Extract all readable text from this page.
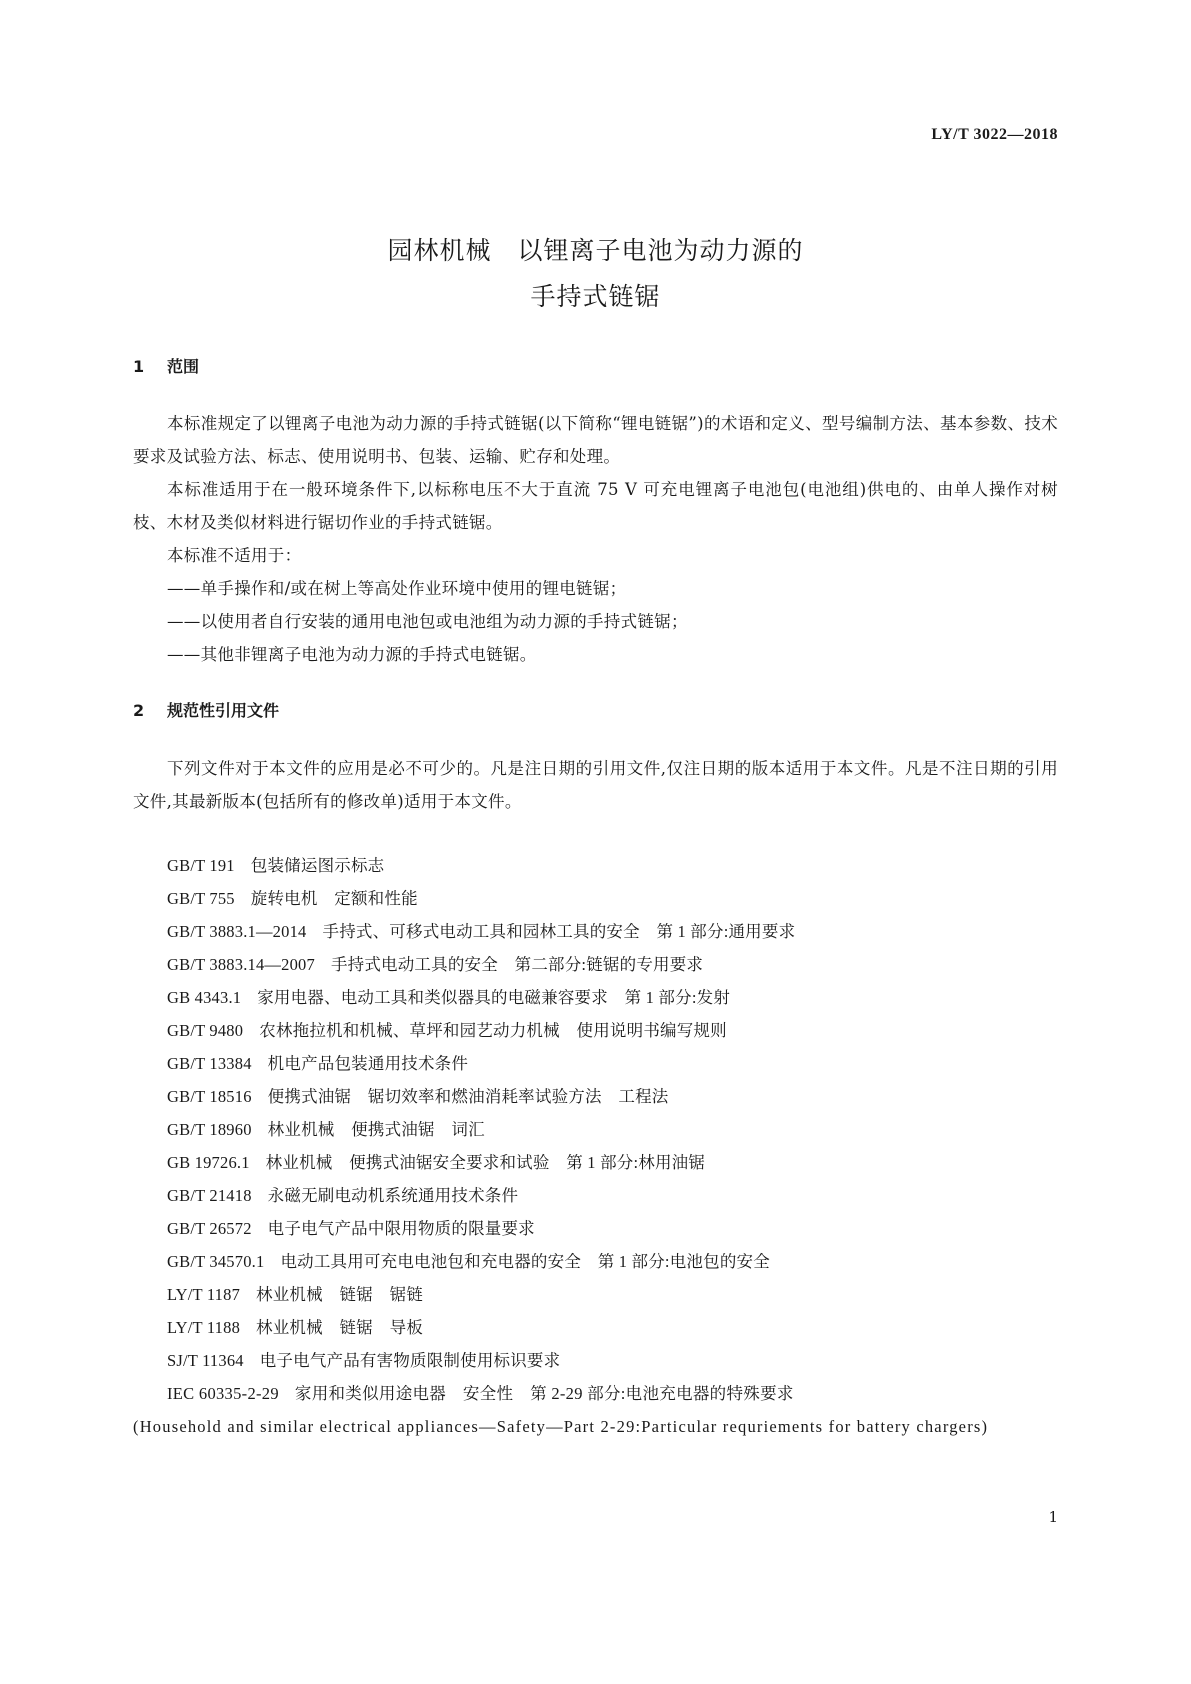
LY/T 3022—2018
园林机械　以锂离子电池为动力源的
手持式链锯
1 范围
本标准规定了以锂离子电池为动力源的手持式链锯(以下简称“锂电链锯”)的术语和定义、型号编制方法、基本参数、技术要求及试验方法、标志、使用说明书、包装、运输、贮存和处理。
本标准适用于在一般环境条件下,以标称电压不大于直流 75 V 可充电锂离子电池包(电池组)供电的、由单人操作对树枝、木材及类似材料进行锯切作业的手持式链锯。
本标准不适用于：
——单手操作和/或在树上等高处作业环境中使用的锂电链锯；
——以使用者自行安装的通用电池包或电池组为动力源的手持式链锯；
——其他非锂离子电池为动力源的手持式电链锯。
2 规范性引用文件
下列文件对于本文件的应用是必不可少的。凡是注日期的引用文件,仅注日期的版本适用于本文件。凡是不注日期的引用文件,其最新版本(包括所有的修改单)适用于本文件。
GB/T 191 包装储运图示标志
GB/T 755 旋转电机　定额和性能
GB/T 3883.1—2014 手持式、可移式电动工具和园林工具的安全　第 1 部分:通用要求
GB/T 3883.14—2007 手持式电动工具的安全　第二部分:链锯的专用要求
GB 4343.1 家用电器、电动工具和类似器具的电磁兼容要求　第 1 部分:发射
GB/T 9480 农林拖拉机和机械、草坪和园艺动力机械　使用说明书编写规则
GB/T 13384 机电产品包装通用技术条件
GB/T 18516 便携式油锯　锯切效率和燃油消耗率试验方法　工程法
GB/T 18960 林业机械　便携式油锯　词汇
GB 19726.1 林业机械　便携式油锯安全要求和试验　第 1 部分:林用油锯
GB/T 21418 永磁无刷电动机系统通用技术条件
GB/T 26572 电子电气产品中限用物质的限量要求
GB/T 34570.1 电动工具用可充电电池包和充电器的安全　第 1 部分:电池包的安全
LY/T 1187 林业机械　链锯　锯链
LY/T 1188 林业机械　链锯　导板
SJ/T 11364 电子电气产品有害物质限制使用标识要求
IEC 60335-2-29 家用和类似用途电器　安全性　第 2-29 部分:电池充电器的特殊要求
(Household and similar electrical appliances—Safety—Part 2-29:Particular requriements for battery chargers)
1
